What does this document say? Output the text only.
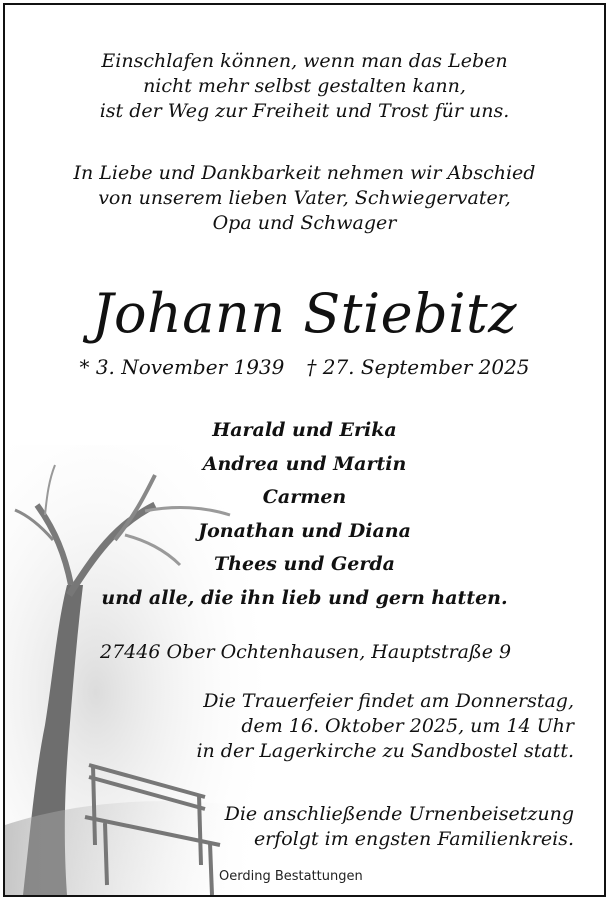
Einschlafen können, wenn man das Leben
nicht mehr selbst gestalten kann,
ist der Weg zur Freiheit und Trost für uns.
In Liebe und Dankbarkeit nehmen wir Abschied
von unserem lieben Vater, Schwiegervater,
Opa und Schwager
Johann Stiebitz
* 3. November 1939 † 27. September 2025
Harald und Erika
Andrea und Martin
Carmen
Jonathan und Diana
Thees und Gerda
und alle, die ihn lieb und gern hatten.
27446 Ober Ochtenhausen, Hauptstraße 9
Die Trauerfeier findet am Donnerstag,
dem 16. Oktober 2025, um 14 Uhr
in der Lagerkirche zu Sandbostel statt.
Die anschließende Urnenbeisetzung
erfolgt im engsten Familienkreis.
Oerding Bestattungen
